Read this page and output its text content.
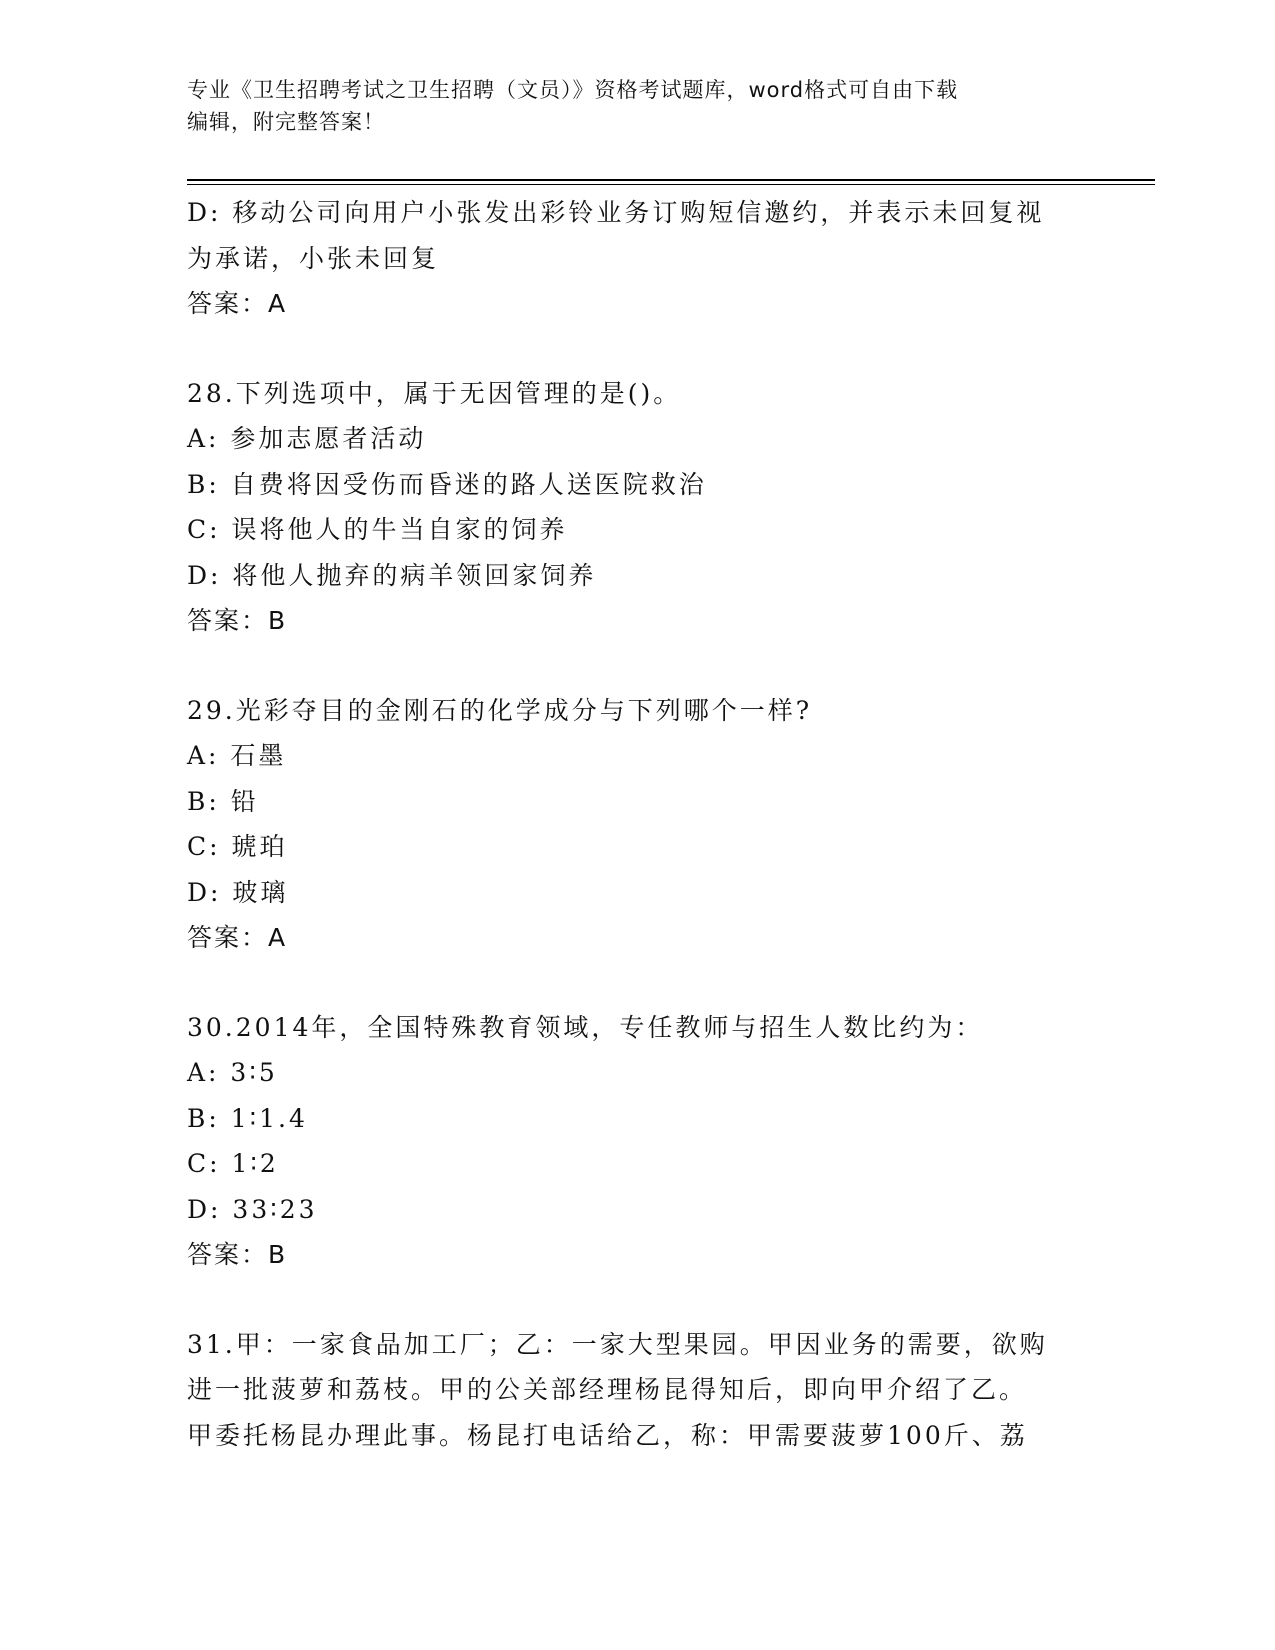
专业《卫生招聘考试之卫生招聘（文员）》资格考试题库，word格式可自由下载
编辑，附完整答案！
D: 移动公司向用户小张发出彩铃业务订购短信邀约，并表示未回复视
为承诺，小张未回复
答案：A
28.下列选项中，属于无因管理的是()。
A: 参加志愿者活动
B: 自费将因受伤而昏迷的路人送医院救治
C: 误将他人的牛当自家的饲养
D: 将他人抛弃的病羊领回家饲养
答案：B
29.光彩夺目的金刚石的化学成分与下列哪个一样?
A: 石墨
B: 铅
C: 琥珀
D: 玻璃
答案：A
30.2014年，全国特殊教育领域，专任教师与招生人数比约为：
A: 3∶5
B: 1∶1.4
C: 1∶2
D: 33∶23
答案：B
31.甲：一家食品加工厂；乙：一家大型果园。甲因业务的需要，欲购
进一批菠萝和荔枝。甲的公关部经理杨昆得知后，即向甲介绍了乙。
甲委托杨昆办理此事。杨昆打电话给乙，称：甲需要菠萝100斤、荔
